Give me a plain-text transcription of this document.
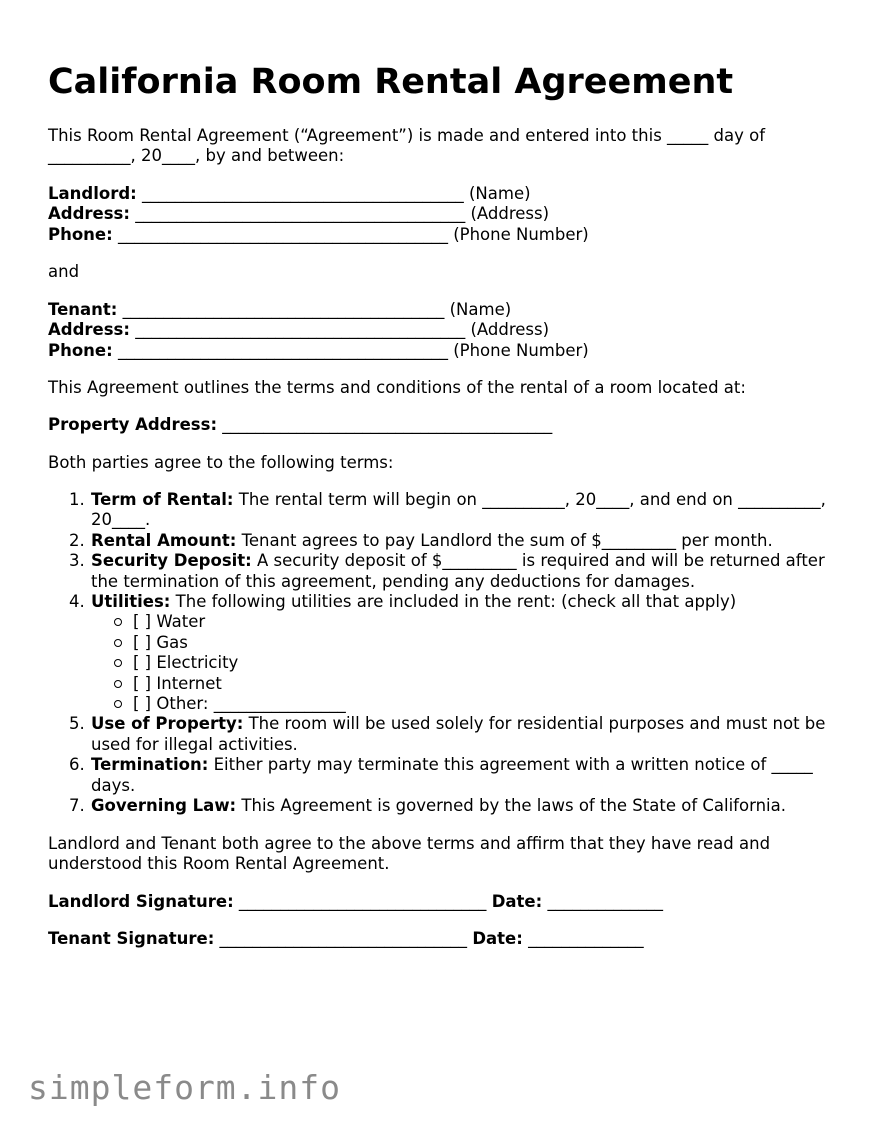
California Room Rental Agreement

This Room Rental Agreement (“Agreement”) is made and entered into this _____ day of __________, 20____, by and between:

Landlord: _______________________________________ (Name)
Address: ________________________________________ (Address)
Phone: ________________________________________ (Phone Number)

and

Tenant: _______________________________________ (Name)
Address: ________________________________________ (Address)
Phone: ________________________________________ (Phone Number)

This Agreement outlines the terms and conditions of the rental of a room located at:

Property Address: ________________________________________

Both parties agree to the following terms:

1. Term of Rental: The rental term will begin on __________, 20____, and end on __________, 20____.
2. Rental Amount: Tenant agrees to pay Landlord the sum of $_________ per month.
3. Security Deposit: A security deposit of $_________ is required and will be returned after the termination of this agreement, pending any deductions for damages.
4. Utilities: The following utilities are included in the rent: (check all that apply)
[ ] Water
[ ] Gas
[ ] Electricity
[ ] Internet
[ ] Other: ________________
5. Use of Property: The room will be used solely for residential purposes and must not be used for illegal activities.
6. Termination: Either party may terminate this agreement with a written notice of _____ days.
7. Governing Law: This Agreement is governed by the laws of the State of California.

Landlord and Tenant both agree to the above terms and affirm that they have read and understood this Room Rental Agreement.

Landlord Signature: ______________________________ Date: ______________

Tenant Signature: ______________________________ Date: ______________

simpleform.info
